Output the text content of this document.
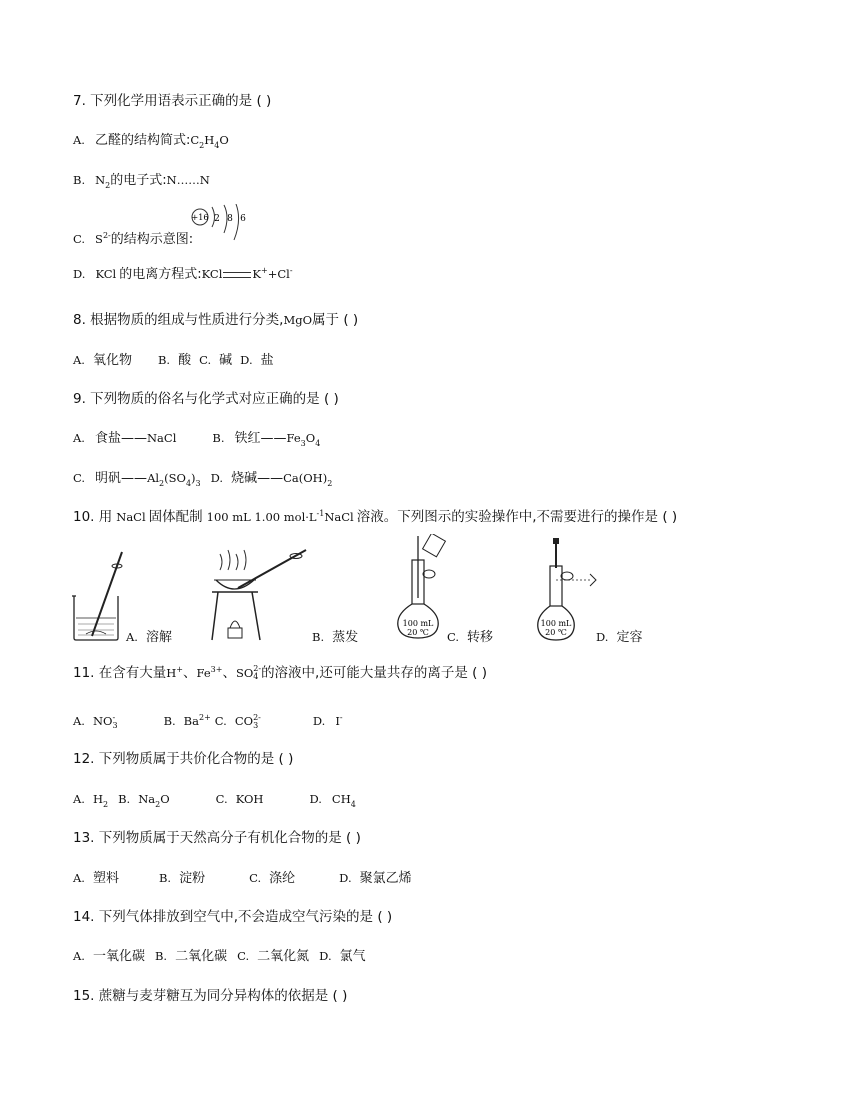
7. 下列化学用语表示正确的是 ( )
A. 乙醛的结构简式$:C_2H_4O$
B. $N_2$的电子式:N……N
C. $S^{2-}$的结构示意图:
+16 2 8 6
D. KCl 的电离方程式:KCl	K++Cl-
8. 根据物质的组成与性质进行分类,MgO属于 ( )
A. 氧化物 B. 酸 C. 碱 D. 盐
9. 下列物质的俗名与化学式对应正确的是 ( )
A. 食盐——NaCl	B. 铁红$——Fe_3O_4$
C. 明矾$——Al_2(SO_4)_3$ D. 烧碱$——Ca(OH)_2$
10. 用 NaCl 固体配制 100 mL 1.00 $mol\cdot L^{-1}NaCl$ 溶液。下列图示的实验操作中,不需要进行的操作是 ( )
A. 溶解	B. 蒸发
100 mL
20 ℃ C. 转移
100 mL
20 ℃	D. 定容
11. 在含有大量H+、$Fe^{3+}$、SO 2-
4 的溶液中,还可能大量共存的离子是 ( )
A. NO -
3	B. $Ba^{2+}$ C. CO 2-
3	D. I-
12. 下列物质属于共价化合物的是 ( )
A. $H_2$ B. $Na_2O$	C. KOH	D. $CH_4$
13. 下列物质属于天然高分子有机化合物的是 ( )
A. 塑料	B. 淀粉	C. 涤纶	D. 聚氯乙烯
14. 下列气体排放到空气中,不会造成空气污染的是 ( )
A. 一氧化碳 B. 二氧化碳 C. 二氧化氮 D. 氯气
15. 蔗糖与麦芽糖互为同分异构体的依据是 ( )
